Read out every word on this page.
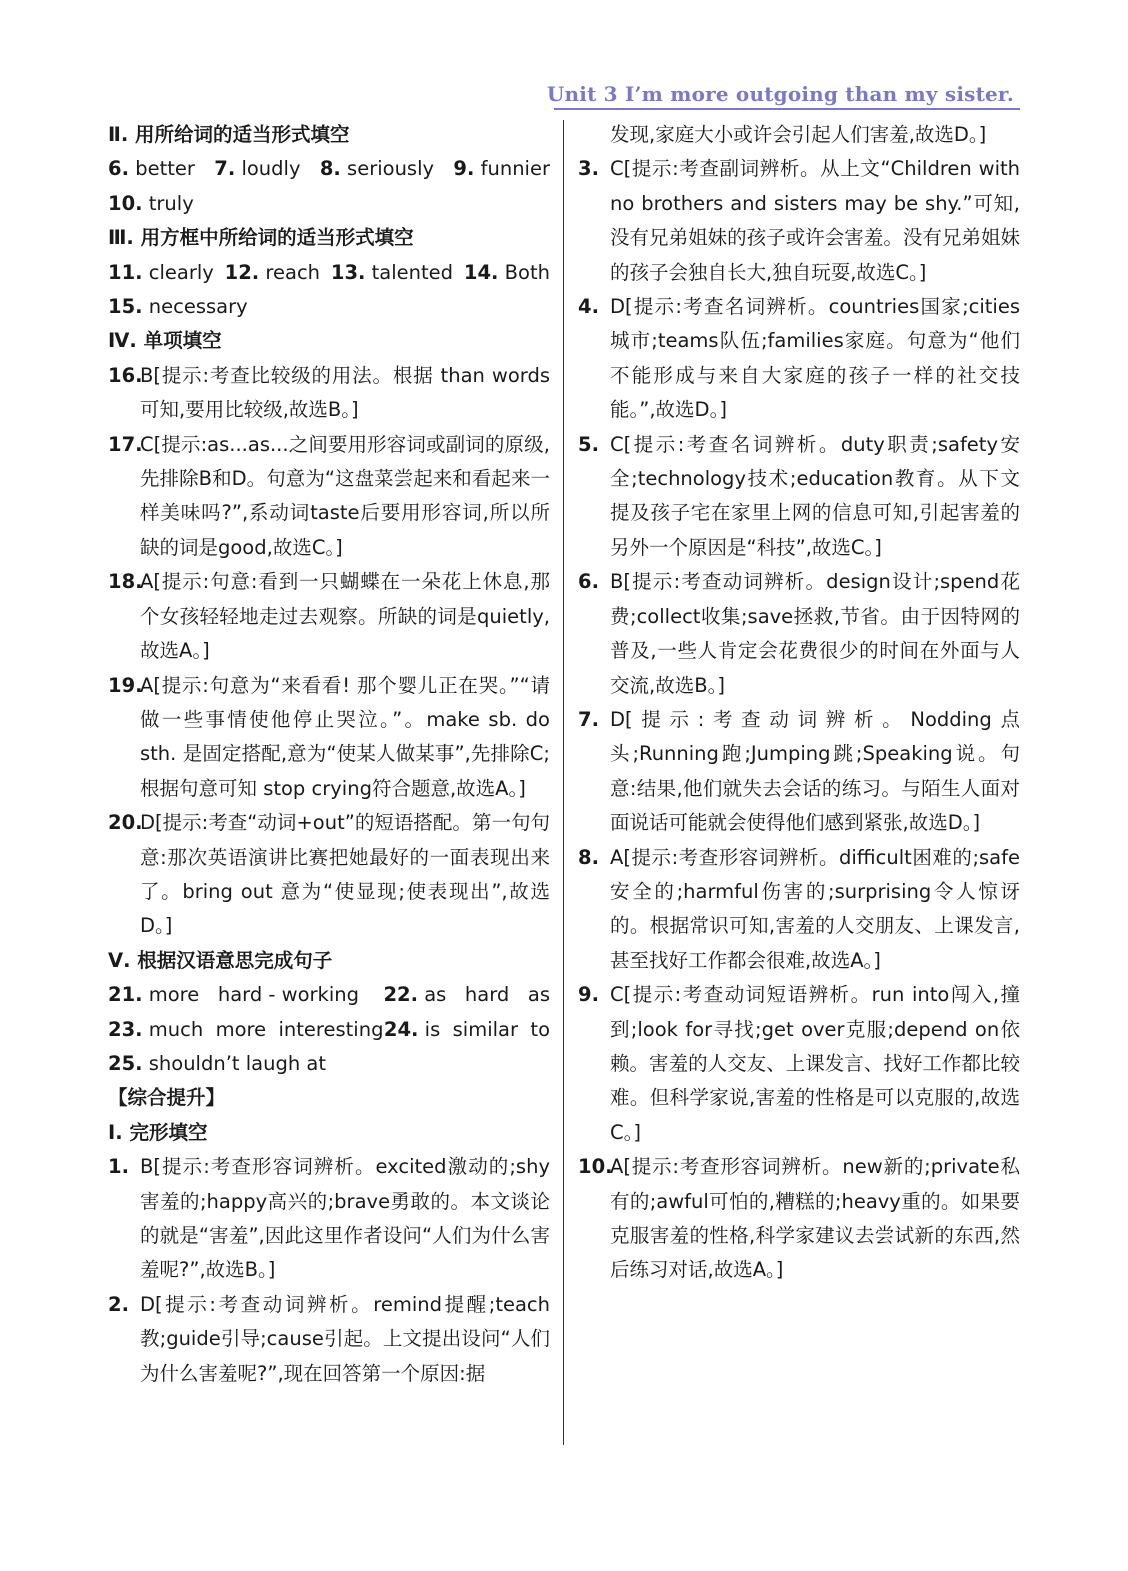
Unit 3 I’m more outgoing than my sister.
Ⅱ. 用所给词的适当形式填空
6. better 7. loudly 8. seriously 9. funnier
10. truly
Ⅲ. 用方框中所给词的适当形式填空
11. clearly 12. reach 13. talented 14. Both
15. necessary
Ⅳ. 单项填空
16.
B[提示:考查比较级的用法。根据 than words可知,要用比较级,故选B。]
17.
C[提示:as...as...之间要用形容词或副词的原级,先排除B和D。句意为“这盘菜尝起来和看起来一样美味吗?”,系动词taste后要用形容词,所以所缺的词是good,故选C。]
18.
A[提示:句意:看到一只蝴蝶在一朵花上休息,那个女孩轻轻地走过去观察。所缺的词是quietly,故选A。]
19.
A[提示:句意为“来看看! 那个婴儿正在哭。”“请做一些事情使他停止哭泣。”。make sb. do sth. 是固定搭配,意为“使某人做某事”,先排除C;根据句意可知 stop crying符合题意,故选A。]
20.
D[提示:考查“动词+out”的短语搭配。第一句句意:那次英语演讲比赛把她最好的一面表现出来了。bring out 意为“使显现;使表现出”,故选D。]
Ⅴ. 根据汉语意思完成句子
21. more   hard - working 22. as   hard   as
23. much  more  interesting 24. is  similar  to
25. shouldn’t laugh at
【综合提升】
Ⅰ. 完形填空
1. B[提示:考查形容词辨析。excited激动的;shy害羞的;happy高兴的;brave勇敢的。本文谈论的就是“害羞”,因此这里作者设问“人们为什么害羞呢?”,故选B。]
2. D[提示:考查动词辨析。remind提醒;teach教;guide引导;cause引起。上文提出设问“人们为什么害羞呢?”,现在回答第一个原因:据
发现,家庭大小或许会引起人们害羞,故选D。]
3. C[提示:考查副词辨析。从上文“Children with no brothers and sisters may be shy.”可知,没有兄弟姐妹的孩子或许会害羞。没有兄弟姐妹的孩子会独自长大,独自玩耍,故选C。]
4. D[提示:考查名词辨析。countries国家;cities城市;teams队伍;families家庭。句意为“他们不能形成与来自大家庭的孩子一样的社交技能。”,故选D。]
5. C[提示:考查名词辨析。duty职责;safety安全;technology技术;education教育。从下文提及孩子宅在家里上网的信息可知,引起害羞的另外一个原因是“科技”,故选C。]
6. B[提示:考查动词辨析。design设计;spend花费;collect收集;save拯救,节省。由于因特网的普及,一些人肯定会花费很少的时间在外面与人交流,故选B。]
7. D[提示:考查动词辨析。Nodding点头;Running跑;Jumping跳;Speaking说。句意:结果,他们就失去会话的练习。与陌生人面对面说话可能就会使得他们感到紧张,故选D。]
8. A[提示:考查形容词辨析。difficult困难的;safe安全的;harmful伤害的;surprising令人惊讶的。根据常识可知,害羞的人交朋友、上课发言,甚至找好工作都会很难,故选A。]
9. C[提示:考查动词短语辨析。run into闯入,撞到;look for寻找;get over克服;depend on依赖。害羞的人交友、上课发言、找好工作都比较难。但科学家说,害羞的性格是可以克服的,故选C。]
10.
A[提示:考查形容词辨析。new新的;private私有的;awful可怕的,糟糕的;heavy重的。如果要克服害羞的性格,科学家建议去尝试新的东西,然后练习对话,故选A。]
